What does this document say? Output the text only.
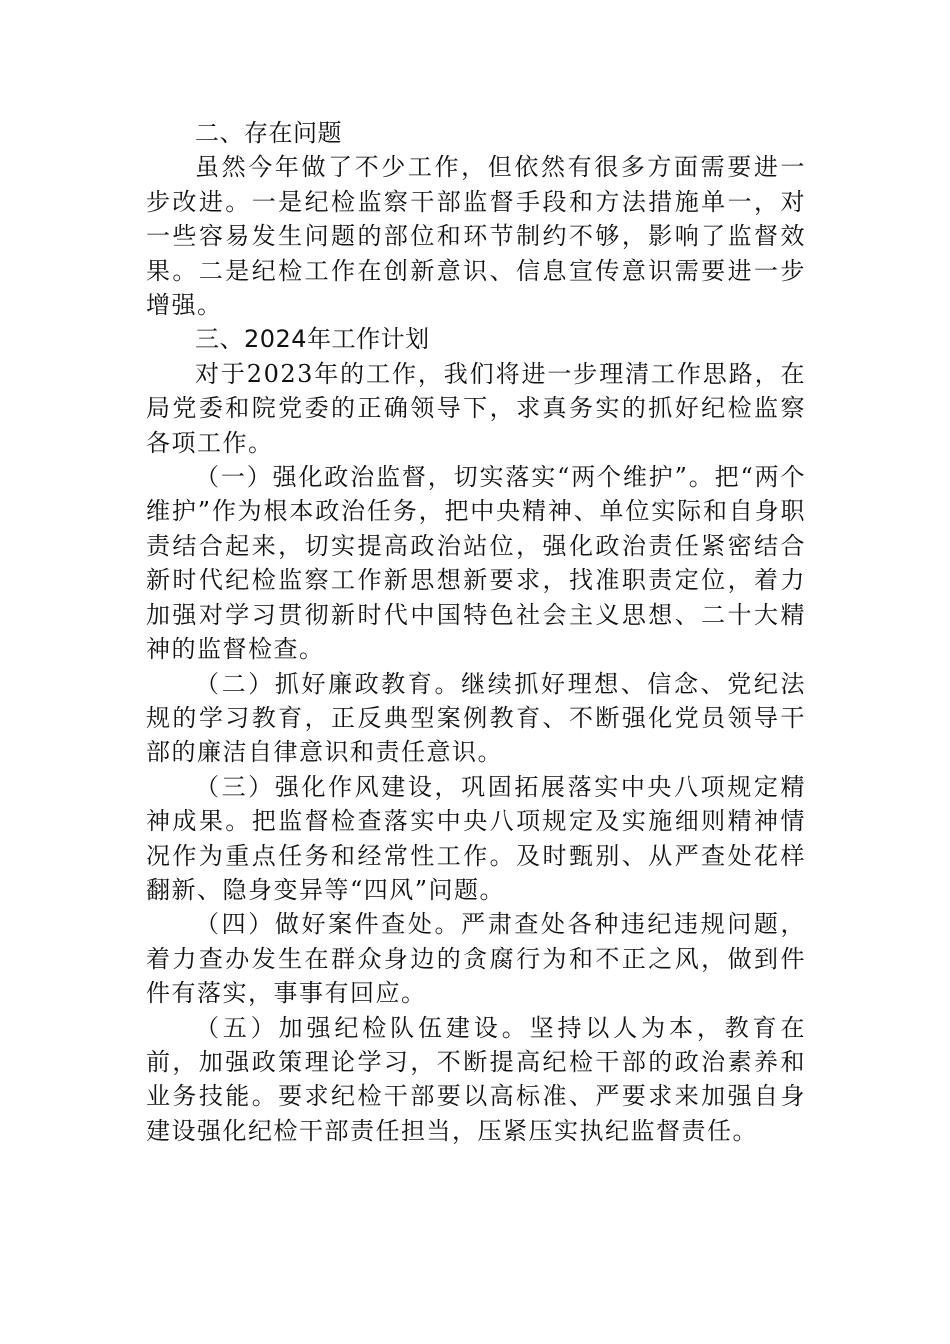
二、存在问题

虽然今年做了不少工作，但依然有很多方面需要进一步改进。一是纪检监察干部监督手段和方法措施单一，对一些容易发生问题的部位和环节制约不够，影响了监督效果。二是纪检工作在创新意识、信息宣传意识需要进一步增强。

三、2024年工作计划

对于2023年的工作，我们将进一步理清工作思路，在局党委和院党委的正确领导下，求真务实的抓好纪检监察各项工作。

（一）强化政治监督，切实落实“两个维护”。把“两个维护”作为根本政治任务，把中央精神、单位实际和自身职责结合起来，切实提高政治站位，强化政治责任紧密结合新时代纪检监察工作新思想新要求，找准职责定位，着力加强对学习贯彻新时代中国特色社会主义思想、二十大精神的监督检查。

（二）抓好廉政教育。继续抓好理想、信念、党纪法规的学习教育，正反典型案例教育、不断强化党员领导干部的廉洁自律意识和责任意识。

（三）强化作风建设，巩固拓展落实中央八项规定精神成果。把监督检查落实中央八项规定及实施细则精神情况作为重点任务和经常性工作。及时甄别、从严查处花样翻新、隐身变异等“四风”问题。

（四）做好案件查处。严肃查处各种违纪违规问题，着力查办发生在群众身边的贪腐行为和不正之风，做到件件有落实，事事有回应。

（五）加强纪检队伍建设。坚持以人为本，教育在前，加强政策理论学习，不断提高纪检干部的政治素养和业务技能。要求纪检干部要以高标准、严要求来加强自身建设强化纪检干部责任担当，压紧压实执纪监督责任。
